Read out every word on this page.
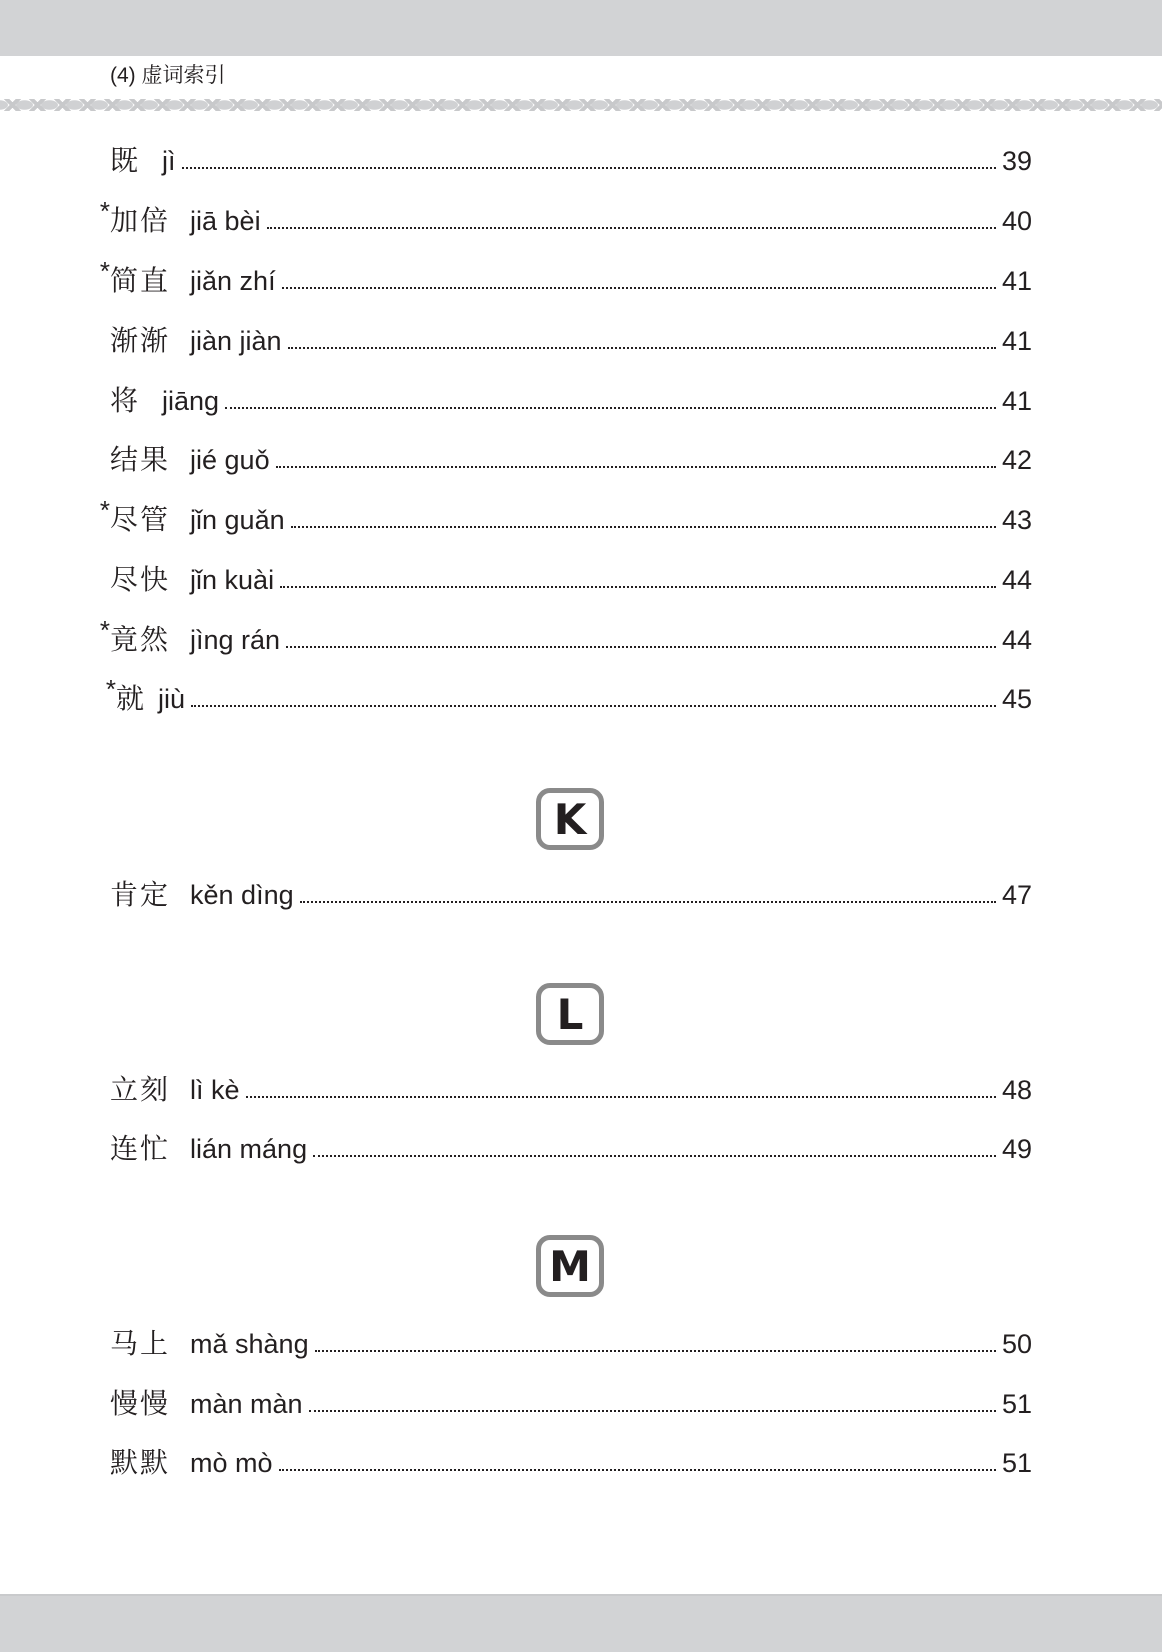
(4) 虚词索引
既 jì	39
* 加倍 jiā bèi	40
* 简直 jiǎn zhí	41
渐渐 jiàn jiàn	41
将 jiāng	41
结果 jié guǒ	42
* 尽管 jǐn guǎn	43
尽快 jǐn kuài	44
* 竟然 jìng rán	44
* 就 jiù	45
K
肯定 kěn dìng	47
L
立刻 lì kè	48
连忙 lián máng	49
M
马上 mǎ shàng	50
慢慢 màn màn	51
默默 mò mò	51
